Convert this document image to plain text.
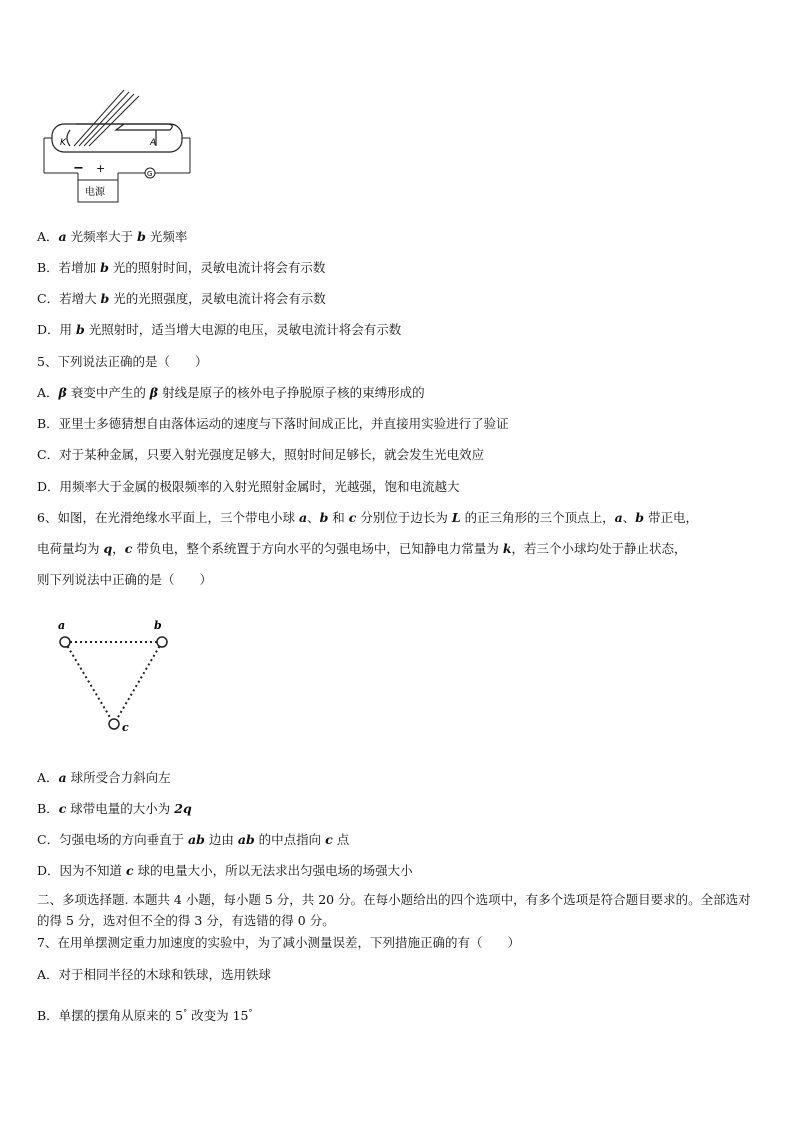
K	A
G
− +
电源
A．a 光频率大于 b 光频率
B．若增加 b 光的照射时间，灵敏电流计将会有示数
C．若增大 b 光的光照强度，灵敏电流计将会有示数
D．用 b 光照射时，适当增大电源的电压，灵敏电流计将会有示数
5、下列说法正确的是（　　）
A．β 衰变中产生的 β 射线是原子的核外电子挣脱原子核的束缚形成的
B．亚里士多德猜想自由落体运动的速度与下落时间成正比，并直接用实验进行了验证
C．对于某种金属，只要入射光强度足够大，照射时间足够长，就会发生光电效应
D．用频率大于金属的极限频率的入射光照射金属时，光越强，饱和电流越大
6、如图，在光滑绝缘水平面上，三个带电小球 a、b 和 c 分别位于边长为 L 的正三角形的三个顶点上，a、b 带正电，
电荷量均为 q，c 带负电，整个系统置于方向水平的匀强电场中，已知静电力常量为 k，若三个小球均处于静止状态，
则下列说法中正确的是（　　）
a	b
c
A．a 球所受合力斜向左
B．c 球带电量的大小为 2q
C．匀强电场的方向垂直于 ab 边由 ab 的中点指向 c 点
D．因为不知道 c 球的电量大小，所以无法求出匀强电场的场强大小
二、多项选择题. 本题共 4 小题，每小题 5 分，共 20 分。在每小题给出的四个选项中，有多个选项是符合题目要求的。全部选对的得 5 分，选对但不全的得 3 分，有选错的得 0 分。
7、在用单摆测定重力加速度的实验中，为了减小测量误差，下列措施正确的有（　　）
A．对于相同半径的木球和铁球，选用铁球
B．单摆的摆角从原来的 5° 改变为 15°
